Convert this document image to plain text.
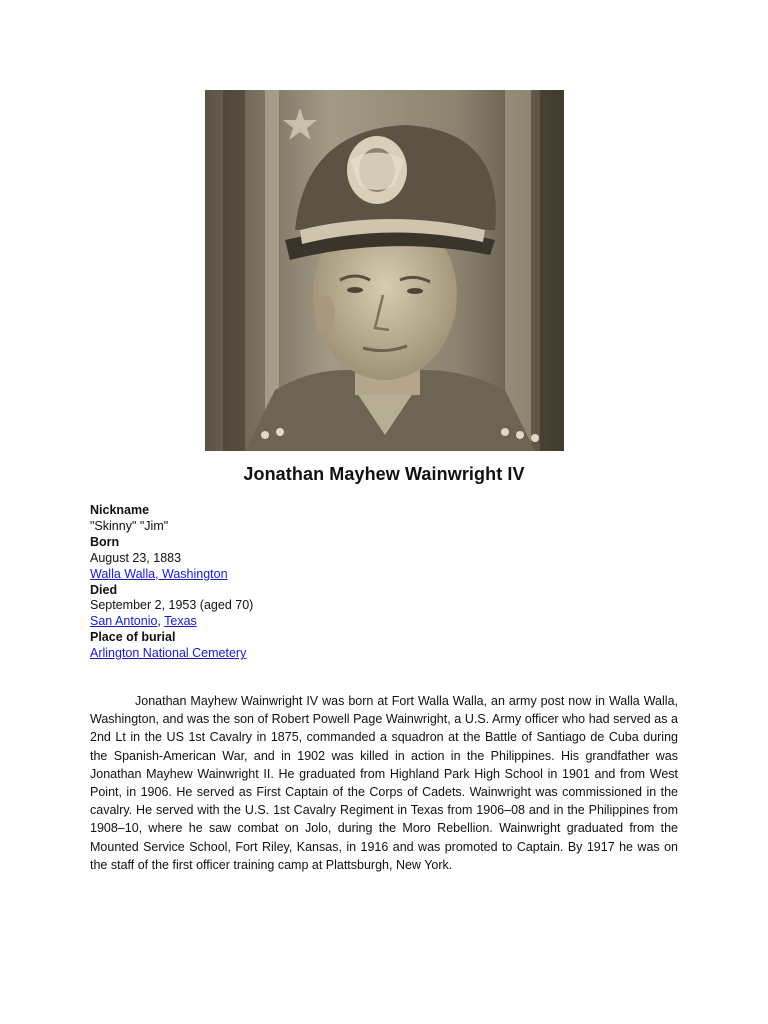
Jonathan Mayhew Wainwright IV
Nickname
"Skinny" "Jim"
Born
August 23, 1883
Walla Walla, Washington
Died
September 2, 1953 (aged 70)
San Antonio, Texas
Place of burial
Arlington National Cemetery

Jonathan Mayhew Wainwright IV was born at Fort Walla Walla, an army post now in Walla Walla, Washington, and was the son of Robert Powell Page Wainwright, a U.S. Army officer who had served as a 2nd Lt in the US 1st Cavalry in 1875, commanded a squadron at the Battle of Santiago de Cuba during the Spanish-American War, and in 1902 was killed in action in the Philippines. His grandfather was Jonathan Mayhew Wainwright II. He graduated from Highland Park High School in 1901 and from West Point, in 1906. He served as First Captain of the Corps of Cadets. Wainwright was commissioned in the cavalry. He served with the U.S. 1st Cavalry Regiment in Texas from 1906–08 and in the Philippines from 1908–10, where he saw combat on Jolo, during the Moro Rebellion. Wainwright graduated from the Mounted Service School, Fort Riley, Kansas, in 1916 and was promoted to Captain. By 1917 he was on the staff of the first officer training camp at Plattsburgh, New York.
